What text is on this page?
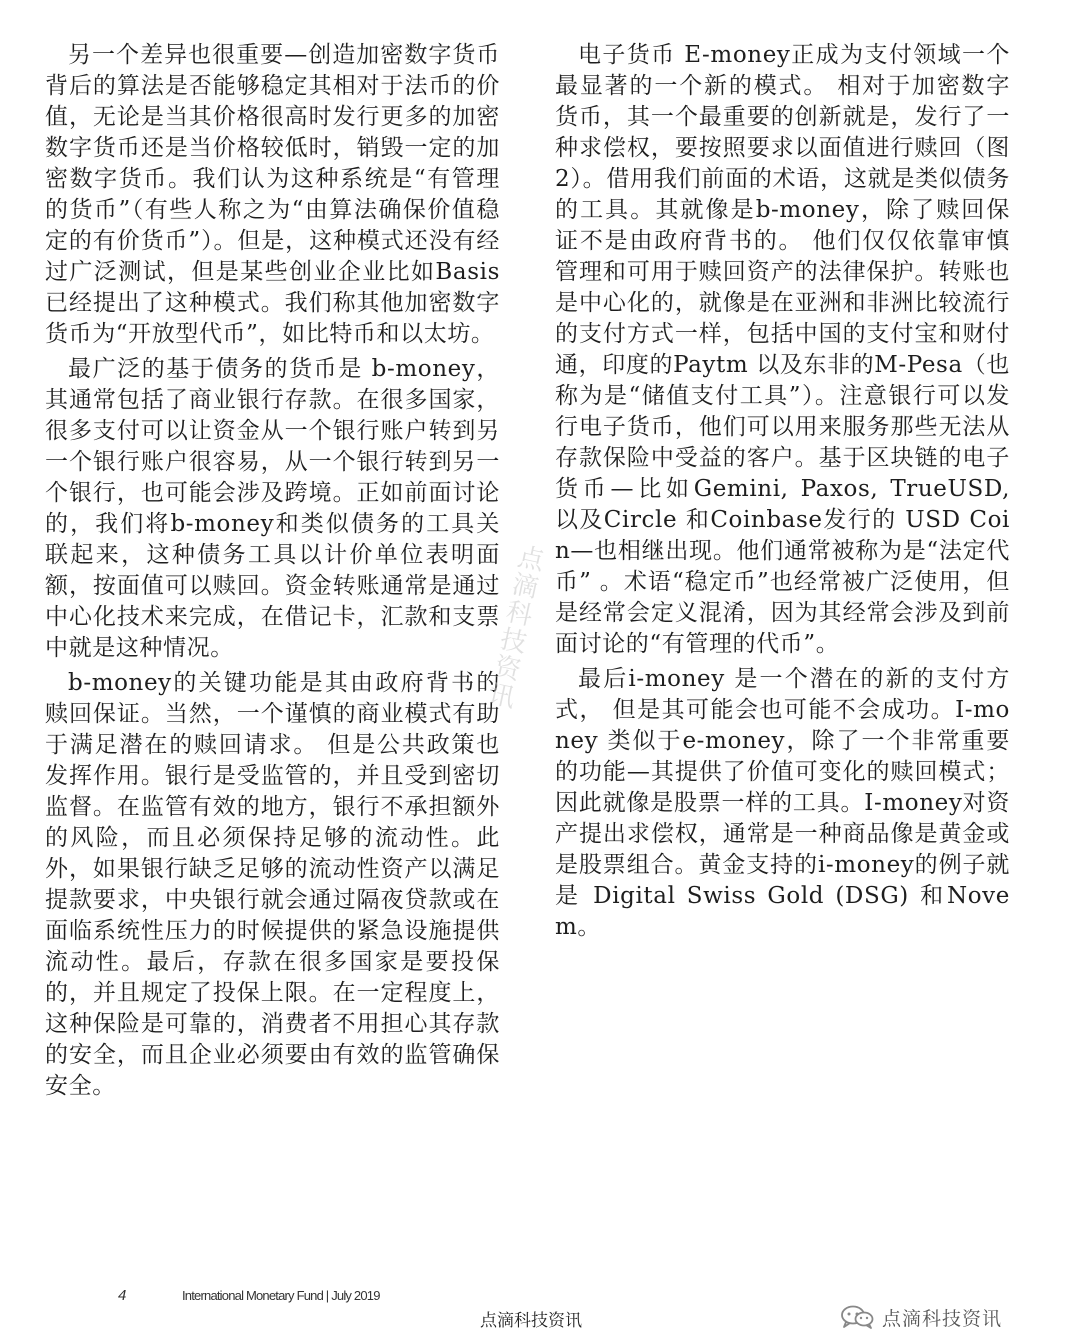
另一个差异也很重要—创造加密数字货币背后的算法是否能够稳定其相对于法币的价值，无论是当其价格很高时发行更多的加密数字货币还是当价格较低时，销毁一定的加密数字货币。我们认为这种系统是“有管理的货币”（有些人称之为“由算法确保价值稳定的有价货币”）。但是，这种模式还没有经过广泛测试，但是某些创业企业比如Basis已经提出了这种模式。我们称其他加密数字货币为“开放型代币”，如比特币和以太坊。

最广泛的基于债务的货币是 b-money，其通常包括了商业银行存款。在很多国家，很多支付可以让资金从一个银行账户转到另一个银行账户很容易，从一个银行转到另一个银行，也可能会涉及跨境。正如前面讨论的，我们将b-money和类似债务的工具关联起来，这种债务工具以计价单位表明面额，按面值可以赎回。资金转账通常是通过中心化技术来完成，在借记卡，汇款和支票中就是这种情况。

b-money的关键功能是其由政府背书的赎回保证。当然，一个谨慎的商业模式有助于满足潜在的赎回请求。 但是公共政策也发挥作用。银行是受监管的，并且受到密切监督。在监管有效的地方，银行不承担额外的风险，而且必须保持足够的流动性。此外，如果银行缺乏足够的流动性资产以满足提款要求，中央银行就会通过隔夜贷款或在面临系统性压力的时候提供的紧急设施提供流动性。最后，存款在很多国家是要投保的，并且规定了投保上限。在一定程度上，这种保险是可靠的，消费者不用担心其存款的安全，而且企业必须要由有效的监管确保安全。

电子货币 E-money正成为支付领域一个最显著的一个新的模式。 相对于加密数字货币，其一个最重要的创新就是，发行了一种求偿权，要按照要求以面值进行赎回（图2）。借用我们前面的术语，这就是类似债务的工具。其就像是b-money，除了赎回保证不是由政府背书的。 他们仅仅依靠审慎管理和可用于赎回资产的法律保护。转账也是中心化的，就像是在亚洲和非洲比较流行的支付方式一样，包括中国的支付宝和财付通，印度的Paytm 以及东非的M-Pesa（也称为是“储值支付工具”）。注意银行可以发行电子货币，他们可以用来服务那些无法从存款保险中受益的客户。基于区块链的电子货币—比如Gemini, Paxos, TrueUSD, 以及Circle 和Coinbase发行的 USD Coin—也相继出现。他们通常被称为是“法定代币” 。术语“稳定币”也经常被广泛使用，但是经常会定义混淆，因为其经常会涉及到前面讨论的“有管理的代币”。

最后i-money 是一个潜在的新的支付方式， 但是其可能会也可能不会成功。I-money 类似于e-money，除了一个非常重要的功能—其提供了价值可变化的赎回模式；因此就像是股票一样的工具。I-money对资产提出求偿权，通常是一种商品像是黄金或是股票组合。黄金支持的i-money的例子就是 Digital Swiss Gold (DSG) 和Novem。

点滴科技资讯
4	International Monetary Fund | July 2019
点滴科技资讯	点滴科技资讯
